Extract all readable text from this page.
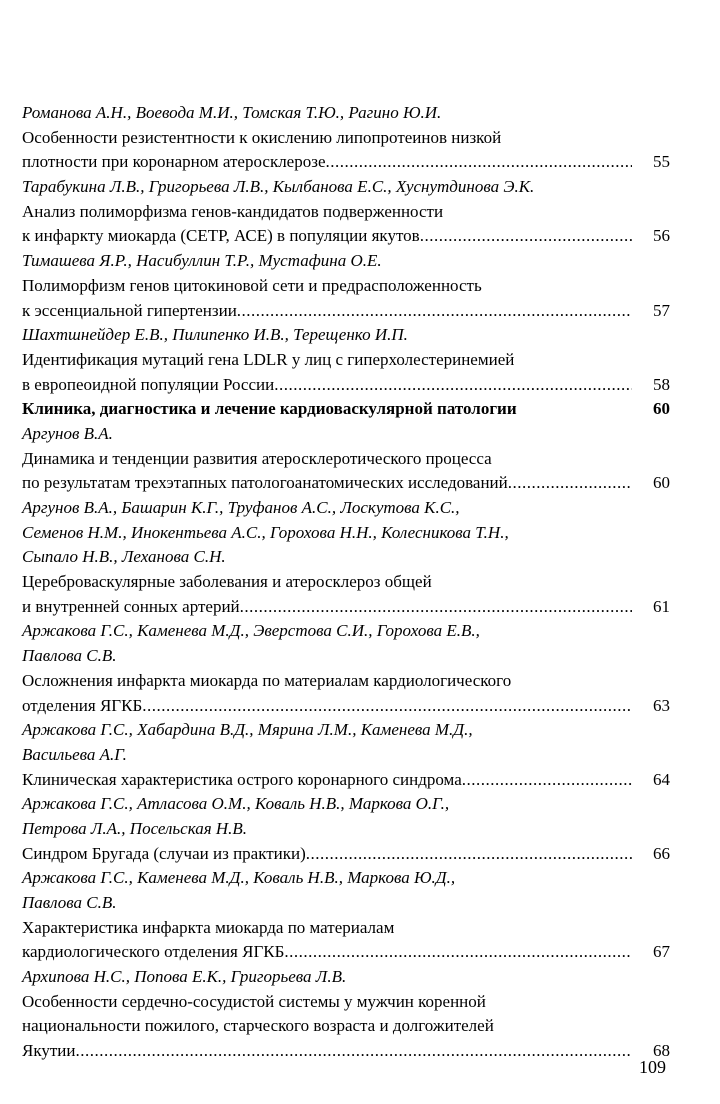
Романова А.Н., Воевода М.И., Томская Т.Ю., Рагино Ю.И.
Особенности резистентности к окислению липопротеинов низкой
плотности при коронарном атеросклерозе .....	55
Тарабукина Л.В., Григорьева Л.В., Кылбанова Е.С., Хуснутдинова Э.К.
Анализ полиморфизма генов-кандидатов подверженности
к инфаркту миокарда (СЕТР, АСЕ) в популяции якутов .....	56
Тимашева Я.Р., Насибуллин Т.Р., Мустафина О.Е.
Полиморфизм генов цитокиновой сети и предрасположенность
к эссенциальной гипертензии .....	57
Шахтшнейдер Е.В., Пилипенко И.В., Терещенко И.П.
Идентификация мутаций гена LDLR у лиц с гиперхолестеринемией
в европеоидной популяции России .....	58
Клиника, диагностика и лечение кардиоваскулярной патологии	60
Аргунов В.А.
Динамика и тенденции развития атеросклеротического процесса
по результатам трехэтапных патологоанатомических исследований .....	60
Аргунов В.А., Башарин К.Г., Труфанов А.С., Лоскутова К.С.,
Семенов Н.М., Инокентьева А.С., Горохова Н.Н., Колесникова Т.Н.,
Сыпало Н.В., Леханова С.Н.
Цереброваскулярные заболевания и атеросклероз общей
и внутренней сонных артерий .....	61
Аржакова Г.С., Каменева М.Д., Эверстова С.И., Горохова Е.В.,
Павлова С.В.
Осложнения инфаркта миокарда по материалам кардиологического
отделения ЯГКБ .....	63
Аржакова Г.С., Хабардина В.Д., Мярина Л.М., Каменева М.Д.,
Васильева А.Г.
Клиническая характеристика острого коронарного синдрома .....	64
Аржакова Г.С., Атласова О.М., Коваль Н.В., Маркова О.Г.,
Петрова Л.А., Посельская Н.В.
Синдром Бругада (случаи из практики) .....	66
Аржакова Г.С., Каменева М.Д., Коваль Н.В., Маркова Ю.Д.,
Павлова С.В.
Характеристика инфаркта миокарда по материалам
кардиологического отделения ЯГКБ .....	67
Архипова Н.С., Попова Е.К., Григорьева Л.В.
Особенности сердечно-сосудистой системы у мужчин коренной
национальности пожилого, старческого возраста и долгожителей
Якутии .....	68
109
